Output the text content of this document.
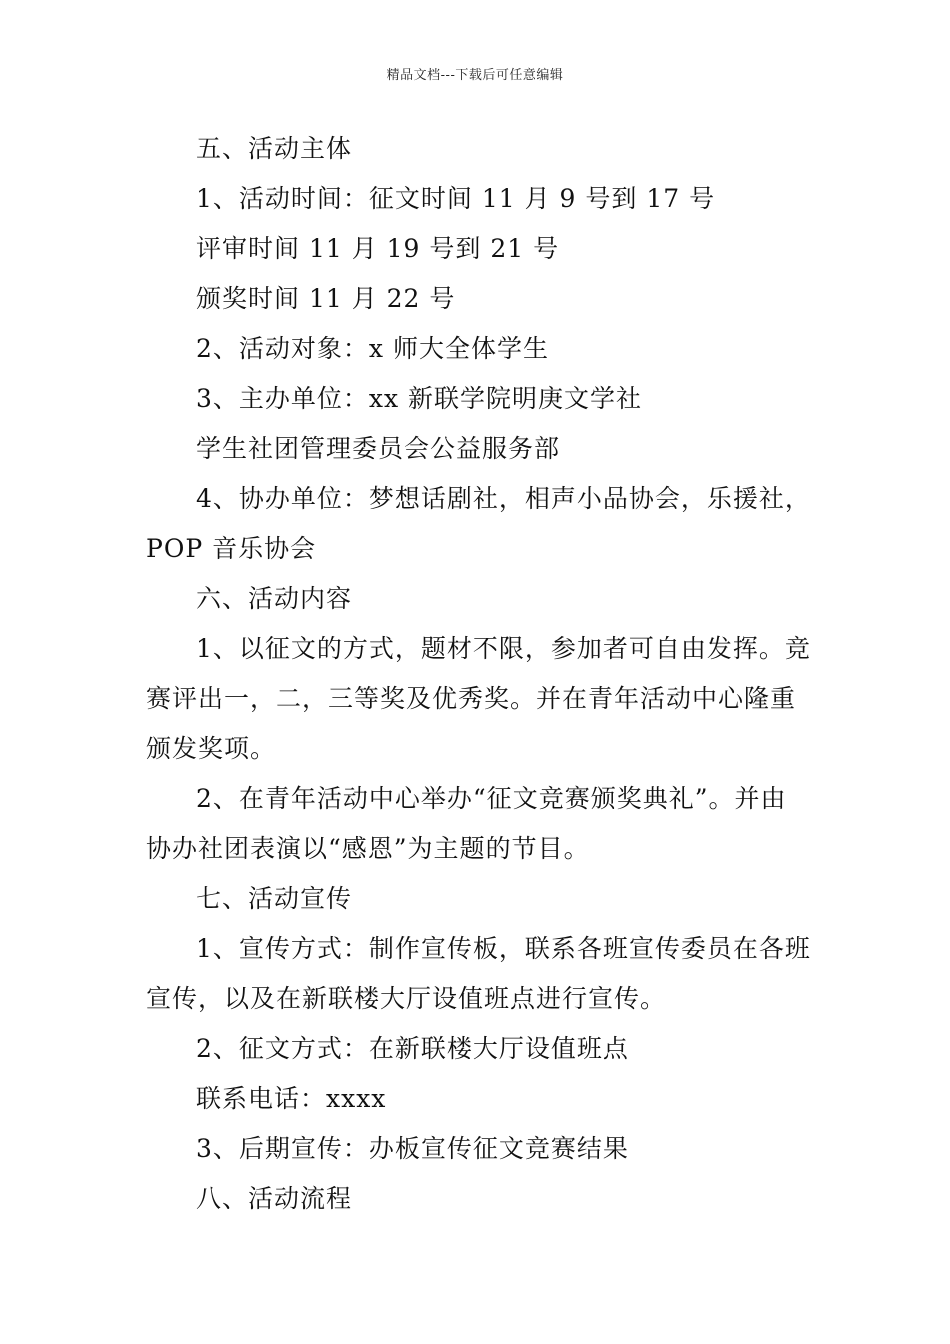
精品文档---下载后可任意编辑
五、活动主体
1、活动时间：征文时间 11 月 9 号到 17 号
评审时间 11 月 19 号到 21 号
颁奖时间 11 月 22 号
2、活动对象：x 师大全体学生
3、主办单位：xx 新联学院明庚文学社
学生社团管理委员会公益服务部
4、协办单位：梦想话剧社，相声小品协会，乐援社，
POP 音乐协会
六、活动内容
1、以征文的方式，题材不限，参加者可自由发挥。竞
赛评出一，二，三等奖及优秀奖。并在青年活动中心隆重
颁发奖项。
2、在青年活动中心举办“征文竞赛颁奖典礼”。并由
协办社团表演以“感恩”为主题的节目。
七、活动宣传
1、宣传方式：制作宣传板，联系各班宣传委员在各班
宣传，以及在新联楼大厅设值班点进行宣传。
2、征文方式：在新联楼大厅设值班点
联系电话：xxxx
3、后期宣传：办板宣传征文竞赛结果
八、活动流程
